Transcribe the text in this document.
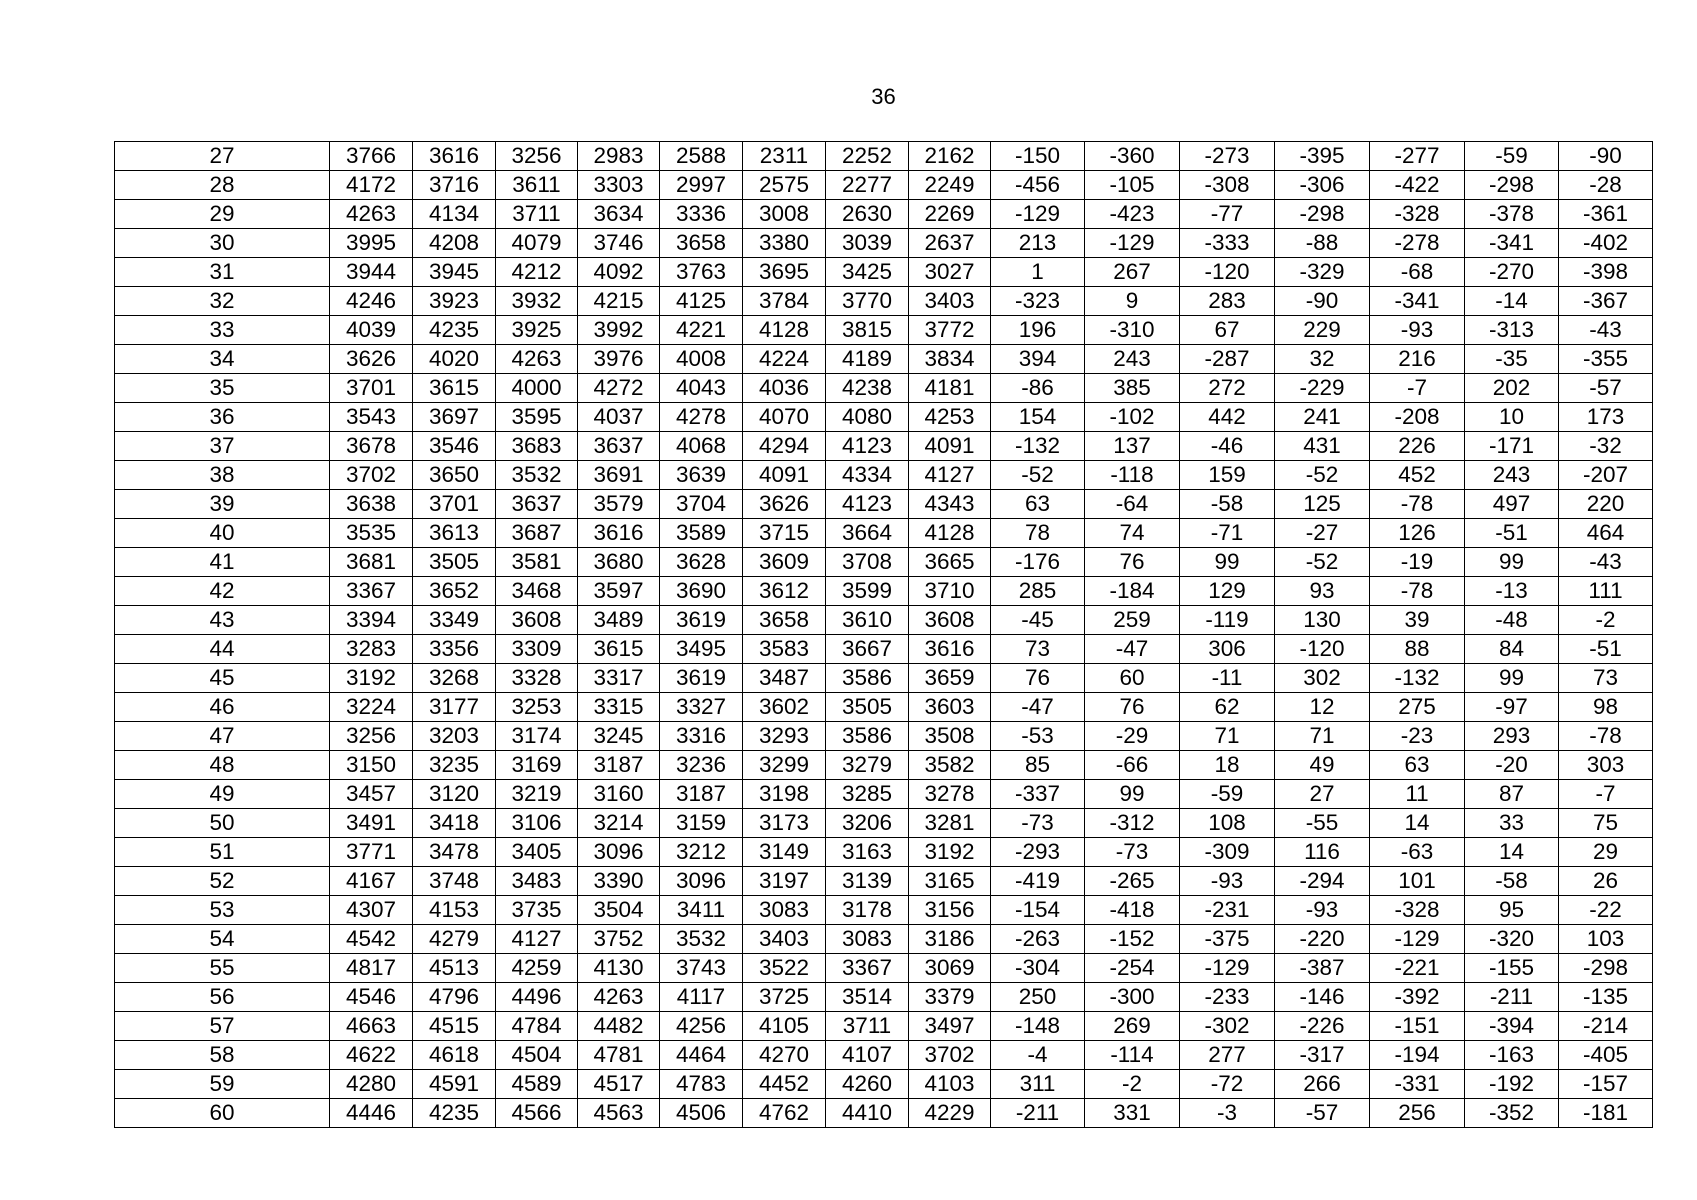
36
27	3766	3616	3256	2983	2588	2311	2252	2162	-150	-360	-273	-395	-277	-59	-90
28	4172	3716	3611	3303	2997	2575	2277	2249	-456	-105	-308	-306	-422	-298	-28
29	4263	4134	3711	3634	3336	3008	2630	2269	-129	-423	-77	-298	-328	-378	-361
30	3995	4208	4079	3746	3658	3380	3039	2637	213	-129	-333	-88	-278	-341	-402
31	3944	3945	4212	4092	3763	3695	3425	3027	1	267	-120	-329	-68	-270	-398
32	4246	3923	3932	4215	4125	3784	3770	3403	-323	9	283	-90	-341	-14	-367
33	4039	4235	3925	3992	4221	4128	3815	3772	196	-310	67	229	-93	-313	-43
34	3626	4020	4263	3976	4008	4224	4189	3834	394	243	-287	32	216	-35	-355
35	3701	3615	4000	4272	4043	4036	4238	4181	-86	385	272	-229	-7	202	-57
36	3543	3697	3595	4037	4278	4070	4080	4253	154	-102	442	241	-208	10	173
37	3678	3546	3683	3637	4068	4294	4123	4091	-132	137	-46	431	226	-171	-32
38	3702	3650	3532	3691	3639	4091	4334	4127	-52	-118	159	-52	452	243	-207
39	3638	3701	3637	3579	3704	3626	4123	4343	63	-64	-58	125	-78	497	220
40	3535	3613	3687	3616	3589	3715	3664	4128	78	74	-71	-27	126	-51	464
41	3681	3505	3581	3680	3628	3609	3708	3665	-176	76	99	-52	-19	99	-43
42	3367	3652	3468	3597	3690	3612	3599	3710	285	-184	129	93	-78	-13	111
43	3394	3349	3608	3489	3619	3658	3610	3608	-45	259	-119	130	39	-48	-2
44	3283	3356	3309	3615	3495	3583	3667	3616	73	-47	306	-120	88	84	-51
45	3192	3268	3328	3317	3619	3487	3586	3659	76	60	-11	302	-132	99	73
46	3224	3177	3253	3315	3327	3602	3505	3603	-47	76	62	12	275	-97	98
47	3256	3203	3174	3245	3316	3293	3586	3508	-53	-29	71	71	-23	293	-78
48	3150	3235	3169	3187	3236	3299	3279	3582	85	-66	18	49	63	-20	303
49	3457	3120	3219	3160	3187	3198	3285	3278	-337	99	-59	27	11	87	-7
50	3491	3418	3106	3214	3159	3173	3206	3281	-73	-312	108	-55	14	33	75
51	3771	3478	3405	3096	3212	3149	3163	3192	-293	-73	-309	116	-63	14	29
52	4167	3748	3483	3390	3096	3197	3139	3165	-419	-265	-93	-294	101	-58	26
53	4307	4153	3735	3504	3411	3083	3178	3156	-154	-418	-231	-93	-328	95	-22
54	4542	4279	4127	3752	3532	3403	3083	3186	-263	-152	-375	-220	-129	-320	103
55	4817	4513	4259	4130	3743	3522	3367	3069	-304	-254	-129	-387	-221	-155	-298
56	4546	4796	4496	4263	4117	3725	3514	3379	250	-300	-233	-146	-392	-211	-135
57	4663	4515	4784	4482	4256	4105	3711	3497	-148	269	-302	-226	-151	-394	-214
58	4622	4618	4504	4781	4464	4270	4107	3702	-4	-114	277	-317	-194	-163	-405
59	4280	4591	4589	4517	4783	4452	4260	4103	311	-2	-72	266	-331	-192	-157
60	4446	4235	4566	4563	4506	4762	4410	4229	-211	331	-3	-57	256	-352	-181
